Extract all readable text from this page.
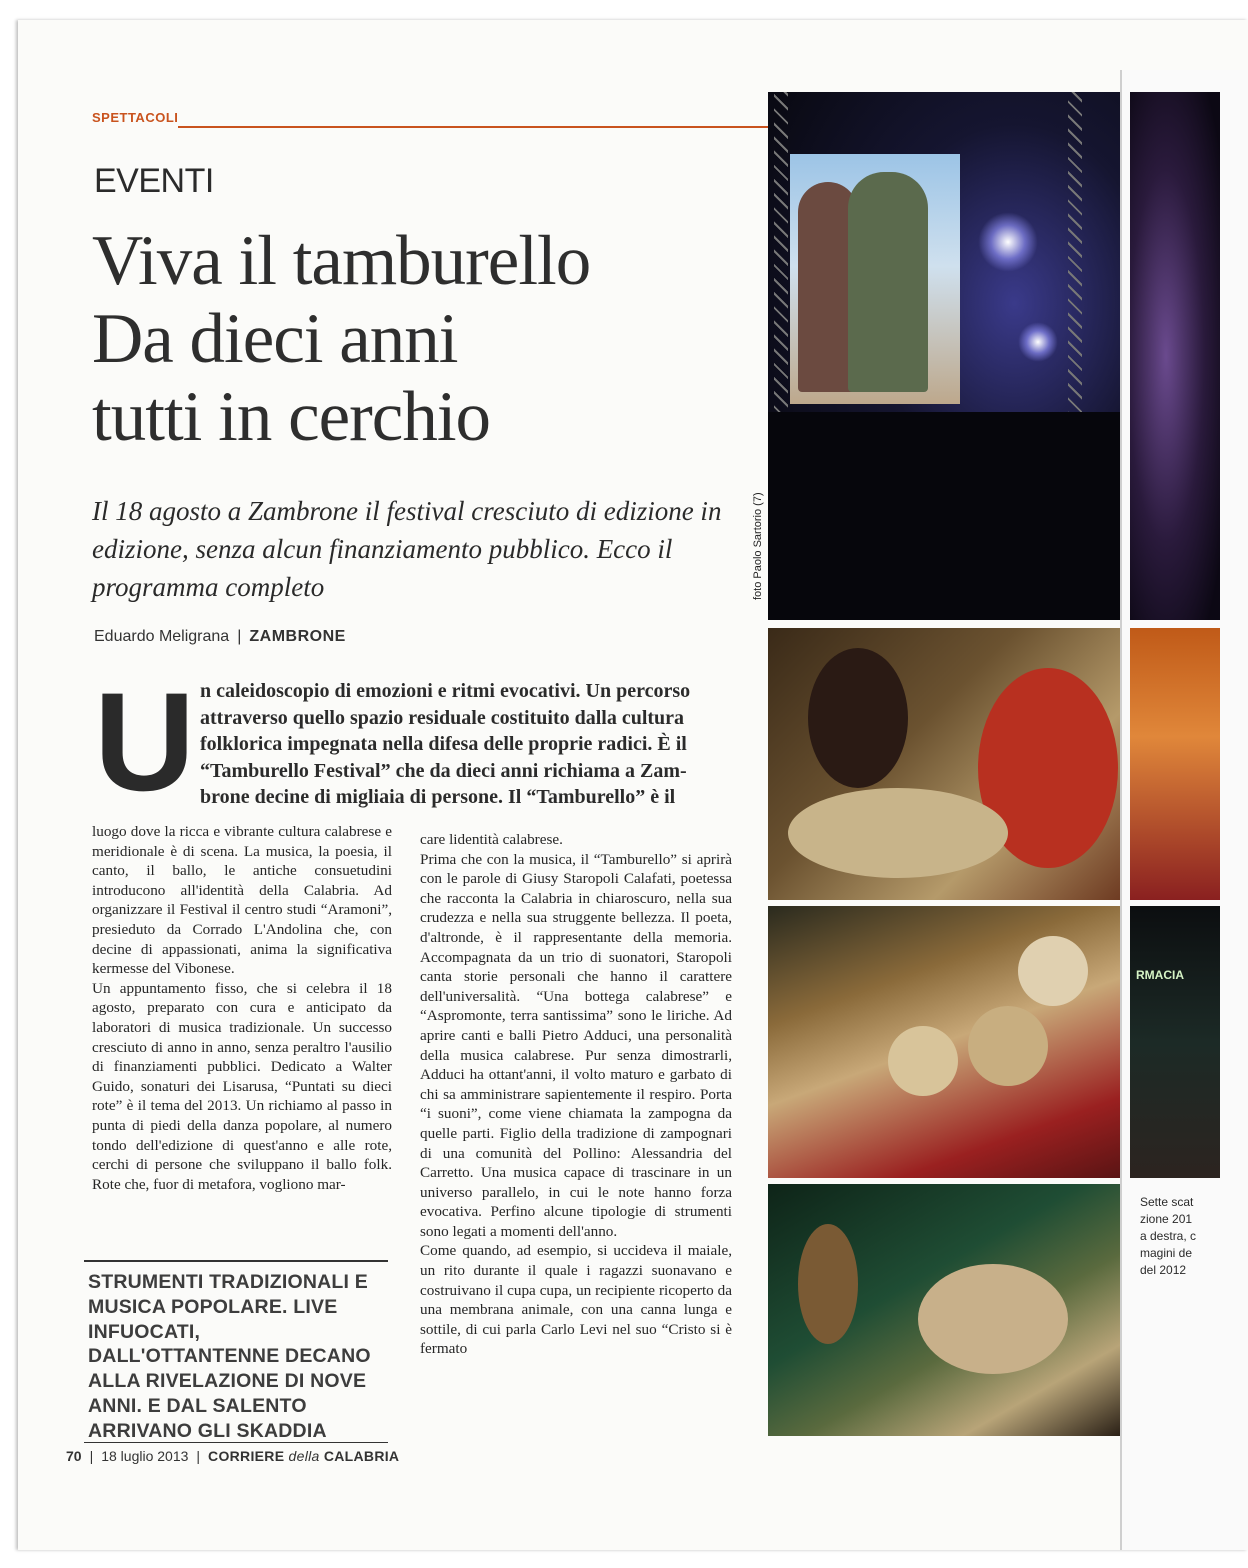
SPETTACOLI
EVENTI
Viva il tamburello
Da dieci anni
tutti in cerchio
Il 18 agosto a Zambrone il festival cresciuto di edizione in edizione, senza alcun finanziamento pubblico. Ecco il programma completo
Eduardo Meligrana | ZAMBRONE
U n caleidoscopio di emozioni e ritmi evocativi. Un percorso
attraverso quello spazio residuale costituito dalla cultura
folklorica impegnata nella difesa delle proprie radici. È il
“Tamburello Festival” che da dieci anni richiama a Zam-
brone decine di migliaia di persone. Il “Tamburello” è il

luogo dove la ricca e vibrante cultura calabrese e meridionale è di scena. La musica, la poesia, il canto, il ballo, le antiche consuetudini introducono all'identità della Calabria. Ad organizzare il Festival il centro studi “Aramoni”, presieduto da Corrado L'Andolina che, con decine di appassionati, anima la significativa kermesse del Vibonese.

Un appuntamento fisso, che si celebra il 18 agosto, preparato con cura e anticipato da laboratori di musica tradizionale. Un successo cresciuto di anno in anno, senza peraltro l'ausilio di finanziamenti pubblici. Dedicato a Walter Guido, sonaturi dei Lisarusa, “Puntati su dieci rote” è il tema del 2013. Un richiamo al passo in punta di piedi della danza popolare, al numero tondo dell'edizione di quest'anno e alle rote, cerchi di persone che sviluppano il ballo folk. Rote che, fuor di metafora, vogliono mar-

STRUMENTI TRADIZIONALI E MUSICA POPOLARE. LIVE INFUOCATI, DALL'OTTANTENNE DECANO ALLA RIVELAZIONE DI NOVE ANNI. E DAL SALENTO ARRIVANO GLI SKADDIA

care lidentità calabrese.

Prima che con la musica, il “Tamburello” si aprirà con le parole di Giusy Staropoli Calafati, poetessa che racconta la Calabria in chiaroscuro, nella sua crudezza e nella sua struggente bellezza. Il poeta, d'altronde, è il rappresentante della memoria. Accompagnata da un trio di suonatori, Staropoli canta storie personali che hanno il carattere dell'universalità. “Una bottega calabrese” e “Aspromonte, terra santissima” sono le liriche. Ad aprire canti e balli Pietro Adduci, una personalità della musica calabrese. Pur senza dimostrarli, Adduci ha ottant'anni, il volto maturo e garbato di chi sa amministrare sapientemente il respiro. Porta “i suoni”, come viene chiamata la zampogna da quelle parti. Figlio della tradizione di zampognari di una comunità del Pollino: Alessandria del Carretto. Una musica capace di trascinare in un universo parallelo, in cui le note hanno forza evocativa. Perfino alcune tipologie di strumenti sono legati a momenti dell'anno.

Come quando, ad esempio, si uccideva il maiale, un rito durante il quale i ragazzi suonavano e costruivano il cupa cupa, un recipiente ricoperto da una membrana animale, con una canna lunga e sottile, di cui parla Carlo Levi nel suo “Cristo si è fermato

foto Paolo Sartorio (7)
RMACIA
Sette scat
zione 201
a destra, c
magini de
del 2012
70 | 18 luglio 2013 | CORRIERE della CALABRIA
